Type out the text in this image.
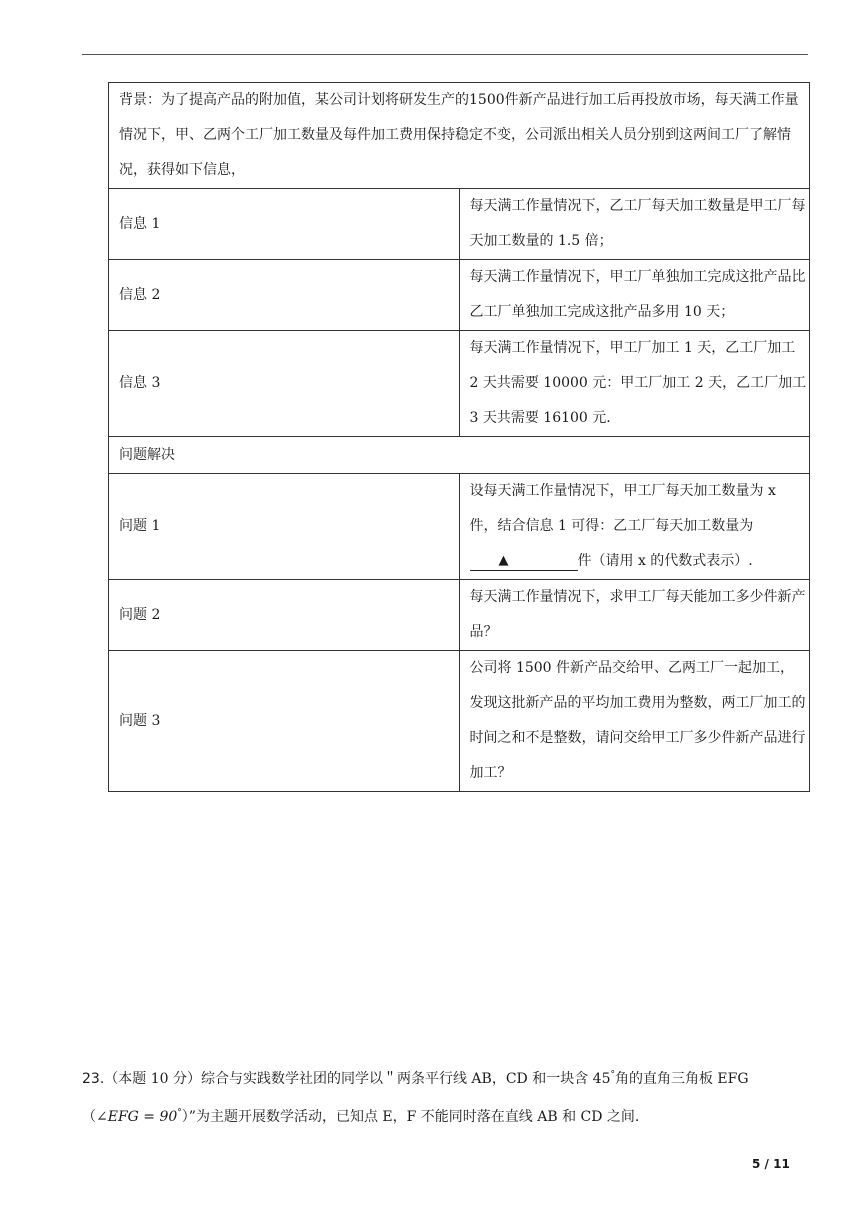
背景：为了提高产品的附加值，某公司计划将研发生产的1500件新产品进行加工后再投放市场，每天满工作量情况下，甲、乙两个工厂加工数量及每件加工费用保持稳定不变，公司派出相关人员分别到这两间工厂了解情况，获得如下信息，	
信息 1	每天满工作量情况下，乙工厂每天加工数量是甲工厂每天加工数量的 1.5 倍；
信息 2	每天满工作量情况下，甲工厂单独加工完成这批产品比乙工厂单独加工完成这批产品多用 10 天；
信息 3	每天满工作量情况下，甲工厂加工 1 天，乙工厂加工 2 天共需要 10000 元：甲工厂加工 2 天，乙工厂加工 3 天共需要 16100 元.
问题解决	
问题 1	设每天满工作量情况下，甲工厂每天加工数量为 x 件，结合信息 1 可得：乙工厂每天加工数量为▲ 件（请用 x 的代数式表示）.
问题 2	每天满工作量情况下，求甲工厂每天能加工多少件新产品？
问题 3	公司将 1500 件新产品交给甲、乙两工厂一起加工，发现这批新产品的平均加工费用为整数，两工厂加工的时间之和不是整数，请问交给甲工厂多少件新产品进行加工？
23.（本题 10 分）综合与实践数学社团的同学以＂两条平行线 AB，CD 和一块含 45°角的直角三角板 EFG
（∠EFG = 90°）”为主题开展数学活动，已知点 E，F 不能同时落在直线 AB 和 CD 之间.
5 / 11
